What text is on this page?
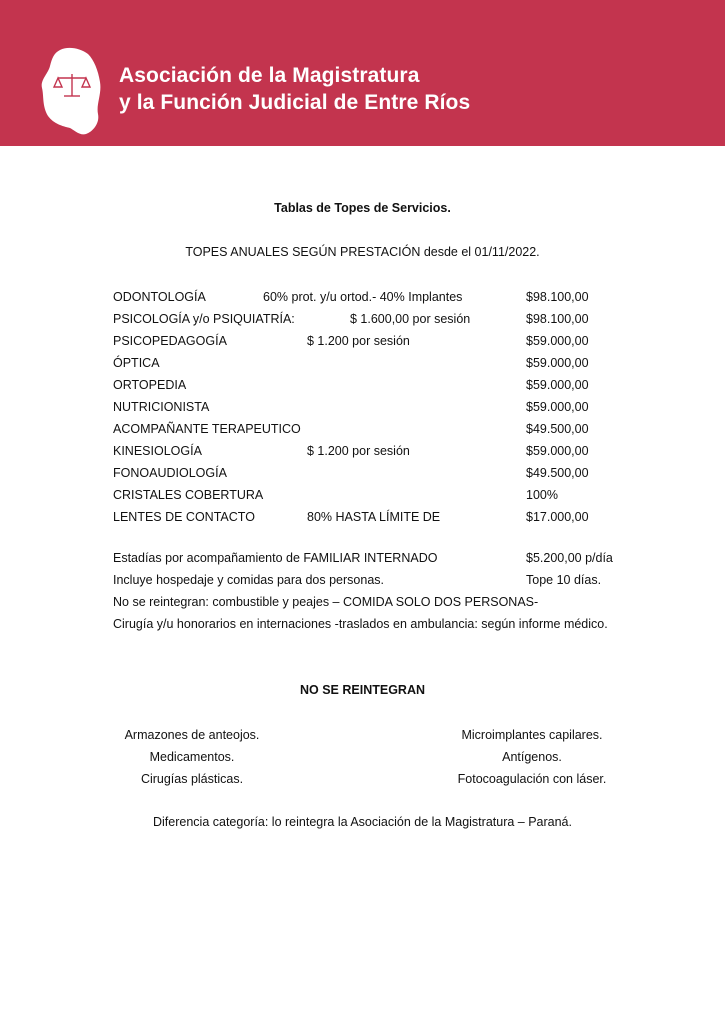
Asociación de la Magistratura
y la Función Judicial de Entre Ríos
Tablas de Topes de Servicios.
TOPES ANUALES SEGÚN PRESTACIÓN desde el 01/11/2022.
ODONTOLOGÍA	60% prot. y/u ortod.- 40% Implantes	$98.100,00
PSICOLOGÍA y/o PSIQUIATRÍA:	$ 1.600,00 por sesión	$98.100,00
PSICOPEDAGOGÍA	$ 1.200 por sesión	$59.000,00
ÓPTICA	$59.000,00
ORTOPEDIA	$59.000,00
NUTRICIONISTA	$59.000,00
ACOMPAÑANTE TERAPEUTICO	$49.500,00
KINESIOLOGÍA	$ 1.200 por sesión	$59.000,00
FONOAUDIOLOGÍA	$49.500,00
CRISTALES COBERTURA	100%
LENTES DE CONTACTO	80% HASTA LÍMITE DE	$17.000,00
Estadías por acompañamiento de FAMILIAR INTERNADO	$5.200,00 p/día
Incluye hospedaje y comidas para dos personas.	Tope 10 días.
No se reintegran: combustible y peajes – COMIDA SOLO DOS PERSONAS-
Cirugía y/u honorarios en internaciones -traslados en ambulancia: según informe médico.
NO SE REINTEGRAN
Armazones de anteojos.
Medicamentos.
Cirugías plásticas.
Microimplantes capilares.
Antígenos.
Fotocoagulación con láser.
Diferencia categoría: lo reintegra la Asociación de la Magistratura – Paraná.
